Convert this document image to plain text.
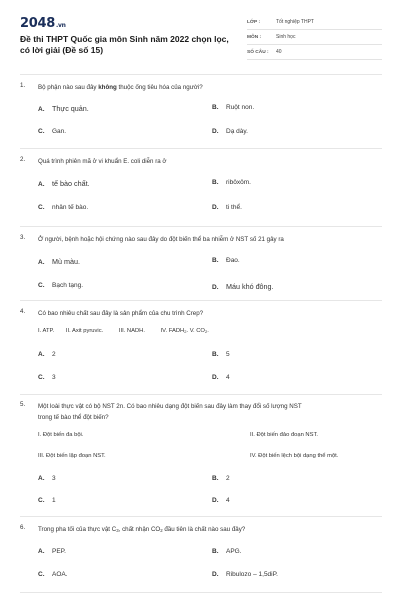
2048.vn
Đề thi THPT Quốc gia môn Sinh năm 2022 chọn lọc, có lời giải (Đề số 15)
LỚP :	Tốt nghiệp THPT
MÔN :	Sinh học
SỐ CÂU :	40
1. Bộ phận nào sau đây không thuộc ống tiêu hóa của người?
A. Thực quản.	B. Ruột non.
C. Gan.	D. Dạ dày.
2. Quá trình phiên mã ở vi khuẩn E. coli diễn ra ở
A. tế bào chất.	B. ribôxôm.
C. nhân tế bào.	D. ti thể.
3. Ở người, bệnh hoặc hội chứng nào sau đây do đột biến thể ba nhiễm ở NST số 21 gây ra
A. Mù màu.	B. Đao.
C. Bạch tạng.	D. Máu khó đông.
4. Có bao nhiêu chất sau đây là sản phẩm của chu trình Crep?
I. ATP. II. Axit pyruvic.	III. NADH.	IV. $FADH_2$. V. $CO_2$.
A. 2	B. 5
C. 3	D. 4
5. Một loài thực vật có bộ NST 2n. Có bao nhiêu dạng đột biến sau đây làm thay đổi số lượng NST
trong tế bào thể đột biến?
I. Đột biến đa bội.	II. Đột biến đảo đoạn NST.
III. Đột biến lặp đoạn NST.	IV. Đột biến lệch bội dạng thể một.
A. 3	B. 2
C. 1	D. 4
6. Trong pha tối của thực vật $C_3$, chất nhận $CO_2$ đầu tiên là chất nào sau đây?
A. PEP.	B. APG.
C. AOA.	D. Ribulozo – 1,5diP.
